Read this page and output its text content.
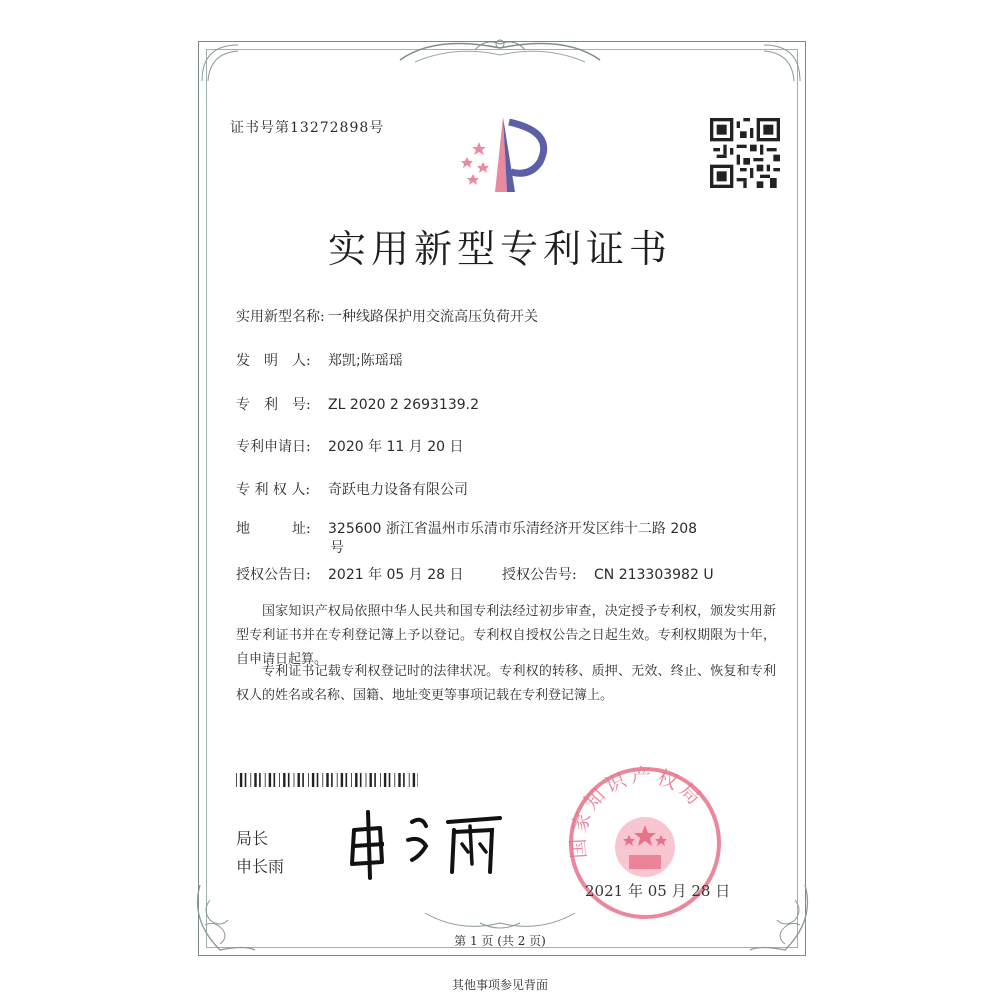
证书号第13272898号
实用新型专利证书
实用新型名称: 一种线路保护用交流高压负荷开关
发　明　人: 郑凯;陈瑶瑶
专　利　号: ZL 2020 2 2693139.2
专利申请日: 2020 年 11 月 20 日
专 利 权 人: 奇跃电力设备有限公司
地　　　址: 325600 浙江省温州市乐清市乐清经济开发区纬十二路 208
号
授权公告日: 2021 年 05 月 28 日	授权公告号: CN 213303982 U
国家知识产权局依照中华人民共和国专利法经过初步审查，决定授予专利权，颁发实用新型专利证书并在专利登记簿上予以登记。专利权自授权公告之日起生效。专利权期限为十年，自申请日起算。
专利证书记载专利权登记时的法律状况。专利权的转移、质押、无效、终止、恢复和专利权人的姓名或名称、国籍、地址变更等事项记载在专利登记簿上。
局长
申长雨
国家知识产权局
2021 年 05 月 28 日
第 1 页 (共 2 页)
其他事项参见背面
